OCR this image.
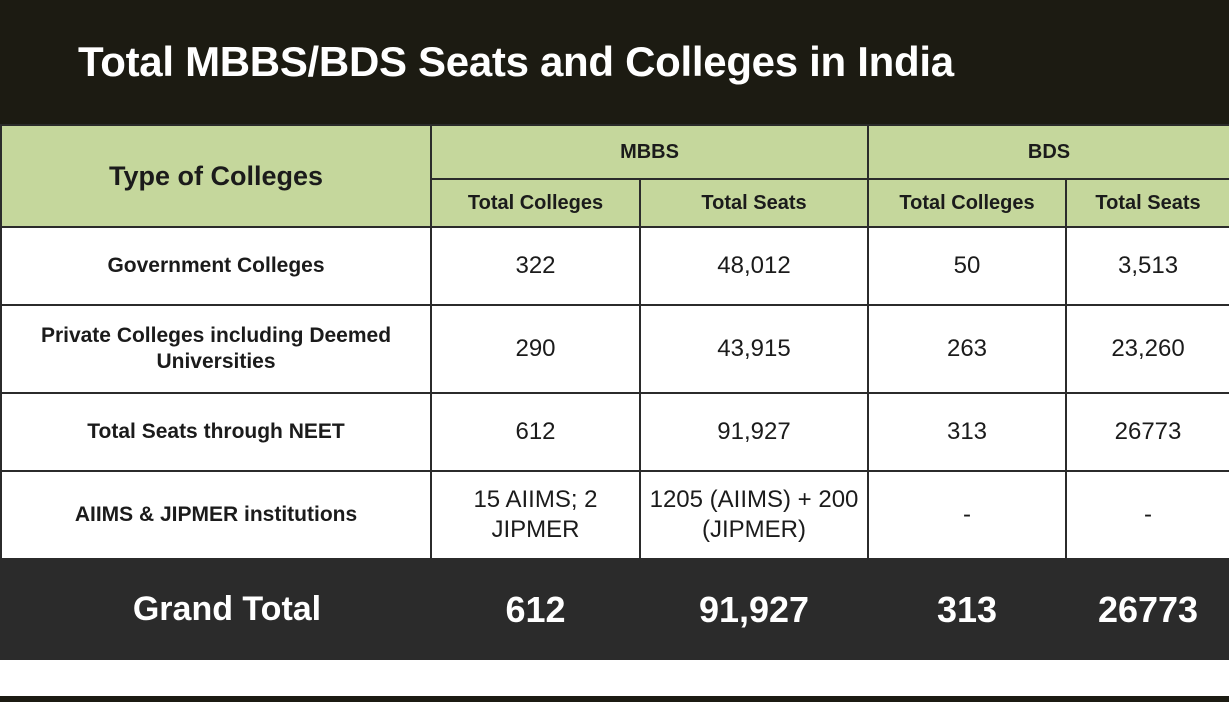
Total MBBS/BDS Seats and Colleges in India
Type of Colleges	MBBS		BDS	
	Total Colleges	Total Seats	Total Colleges	Total Seats
Government Colleges	322	48,012	50	3,513
Private Colleges including Deemed Universities	290	43,915	263	23,260
Total Seats through NEET	612	91,927	313	26773
AIIMS & JIPMER institutions	15 AIIMS; 2 JIPMER	1205 (AIIMS) + 200 (JIPMER)	-	-
Grand Total	612	91,927	313	26773
